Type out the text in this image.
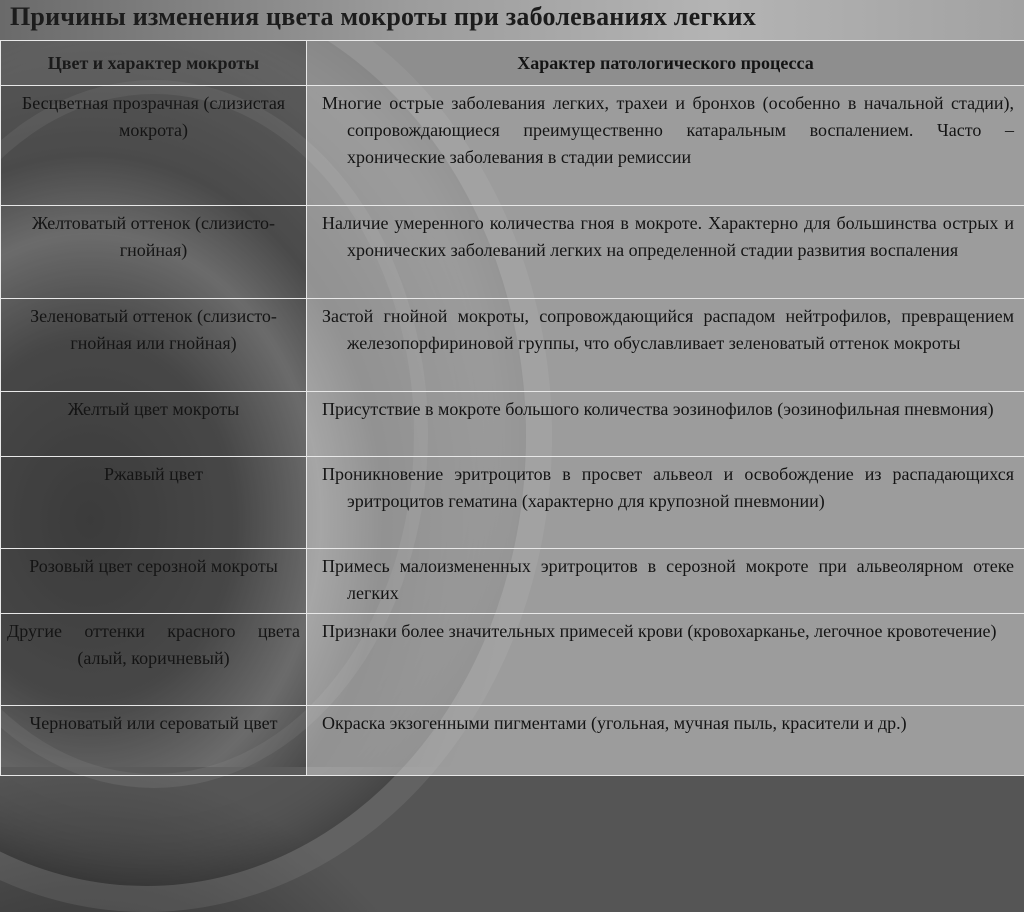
Причины изменения цвета мокроты при заболеваниях легких
Цвет и характер мокроты	Характер патологического процесса
Бесцветная прозрачная (слизистая мокрота)	Многие острые заболевания легких, трахеи и бронхов (особенно в начальной стадии), сопровождающиеся преимущественно катаральным воспалением. Часто – хронические заболевания в стадии ремиссии

Желтоватый оттенок (слизисто-гнойная)	Наличие умеренного количества гноя в мокроте. Характерно для большинства острых и хронических заболеваний легких на определенной стадии развития воспаления

Зеленоватый оттенок (слизисто-гнойная или гнойная)	Застой гнойной мокроты, сопровождающийся распадом нейтрофилов, превращением железопорфириновой группы, что обуславливает зеленоватый оттенок мокроты

Желтый цвет мокроты	Присутствие в мокроте большого количества эозинофилов (эозинофильная пневмония)

Ржавый цвет	Проникновение эритроцитов в просвет альвеол и освобождение из распадающихся эритроцитов гематина (характерно для крупозной пневмонии)

Розовый цвет серозной мокроты	Примесь малоизмененных эритроцитов в серозной мокроте при альвеолярном отеке легких

Другие оттенки красного цвета (алый, коричневый)	Признаки более значительных примесей крови (кровохарканье, легочное кровотечение)

Черноватый или сероватый цвет	Окраска экзогенными пигментами (угольная, мучная пыль, красители и др.)
